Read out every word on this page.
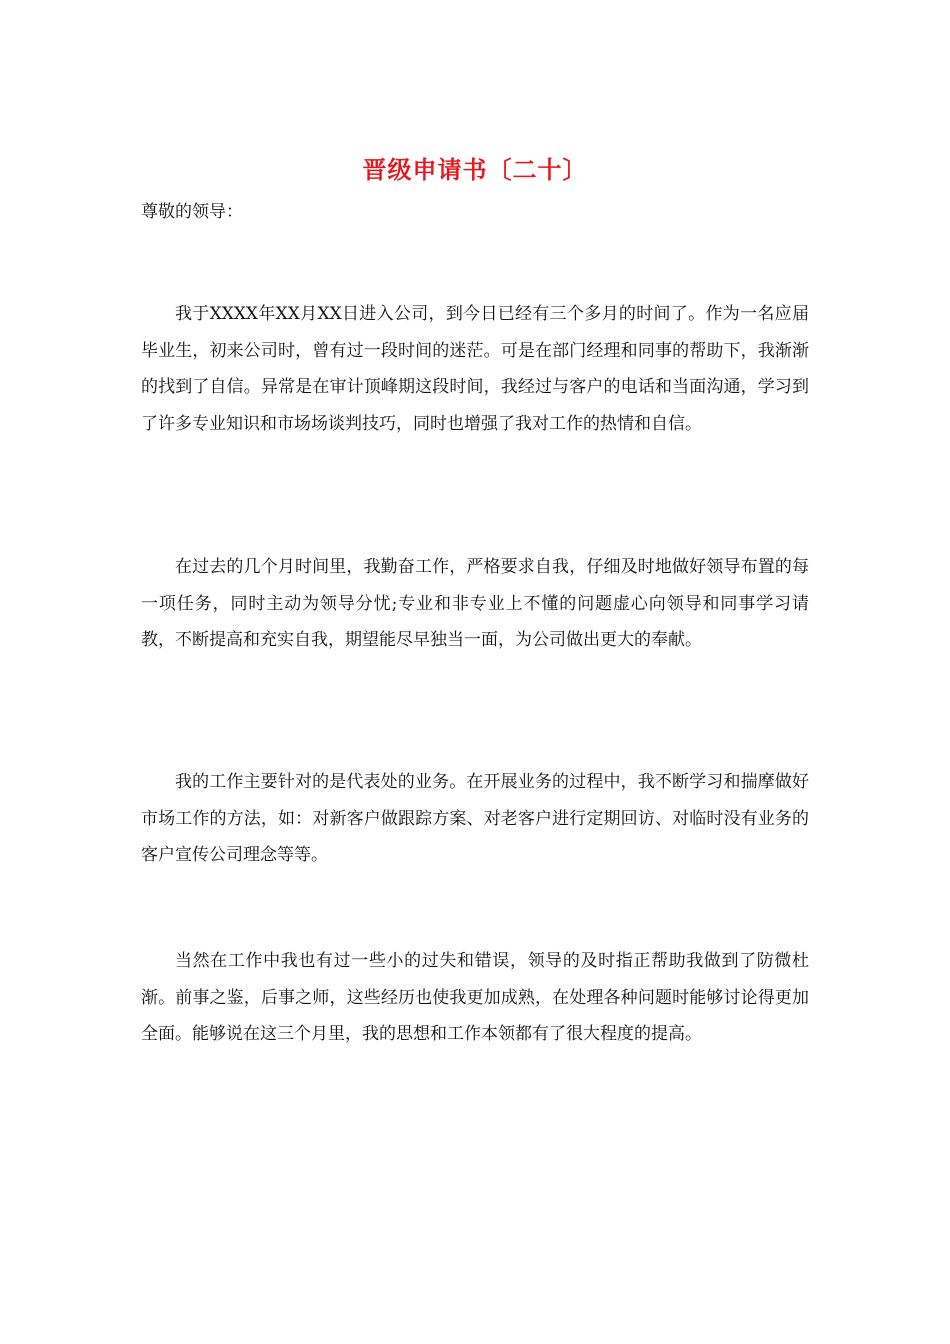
晋级申请书〔二十〕
尊敬的领导：

我于XXXX年XX月XX日进入公司，到今日已经有三个多月的时间了。作为一名应届毕业生，初来公司时，曾有过一段时间的迷茫。可是在部门经理和同事的帮助下，我渐渐的找到了自信。异常是在审计顶峰期这段时间，我经过与客户的电话和当面沟通，学习到了许多专业知识和市场场谈判技巧，同时也增强了我对工作的热情和自信。

在过去的几个月时间里，我勤奋工作，严格要求自我，仔细及时地做好领导布置的每一项任务，同时主动为领导分忧;专业和非专业上不懂的问题虚心向领导和同事学习请教，不断提高和充实自我，期望能尽早独当一面，为公司做出更大的奉献。

我的工作主要针对的是代表处的业务。在开展业务的过程中，我不断学习和揣摩做好市场工作的方法，如：对新客户做跟踪方案、对老客户进行定期回访、对临时没有业务的客户宣传公司理念等等。

当然在工作中我也有过一些小的过失和错误，领导的及时指正帮助我做到了防微杜渐。前事之鉴，后事之师，这些经历也使我更加成熟，在处理各种问题时能够讨论得更加全面。能够说在这三个月里，我的思想和工作本领都有了很大程度的提高。
